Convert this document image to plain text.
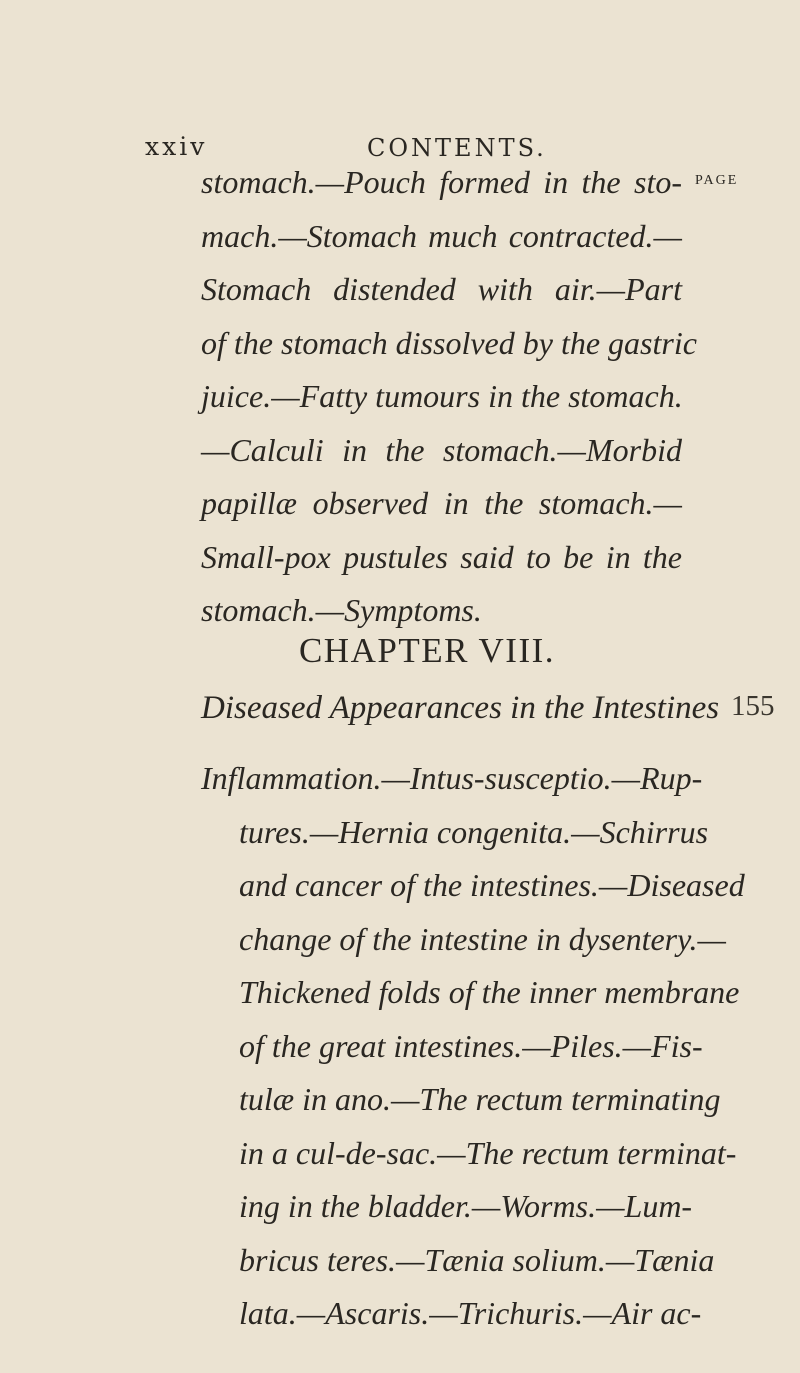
xxiv	CONTENTS.
PAGE
stomach.—Pouch formed in the sto-
mach.—Stomach much contracted.—
Stomach distended with air.—Part
of the stomach dissolved by the gastric
juice.—Fatty tumours in the stomach.
—Calculi in the stomach.—Morbid
papillæ observed in the stomach.—
Small-pox pustules said to be in the
stomach.—Symptoms.
CHAPTER VIII.
Diseased Appearances in the Intestines 155
Inflammation.—Intus-susceptio.—Rup-
tures.—Hernia congenita.—Schirrus
and cancer of the intestines.—Diseased
change of the intestine in dysentery.—
Thickened folds of the inner membrane
of the great intestines.—Piles.—Fis-
tulæ in ano.—The rectum terminating
in a cul-de-sac.—The rectum terminat-
ing in the bladder.—Worms.—Lum-
bricus teres.—Tænia solium.—Tænia
lata.—Ascaris.—Trichuris.—Air ac-
